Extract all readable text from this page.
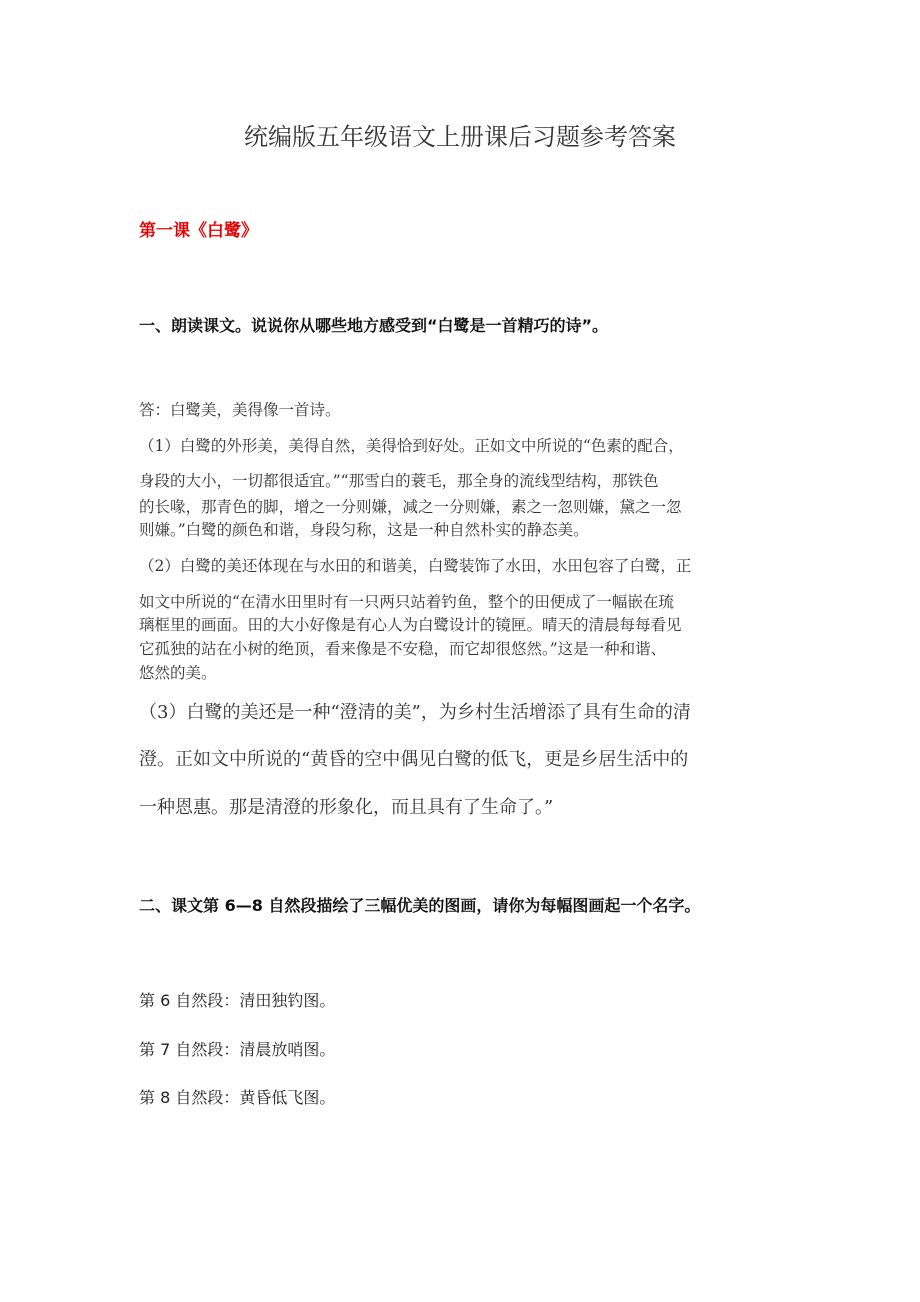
统编版五年级语文上册课后习题参考答案
第一课《白鹭》
一、朗读课文。说说你从哪些地方感受到“白鹭是一首精巧的诗”。
答：白鹭美，美得像一首诗。
（1）白鹭的外形美，美得自然，美得恰到好处。正如文中所说的“色素的配合，
身段的大小，一切都很适宜。”“那雪白的蓑毛，那全身的流线型结构，那铁色
的长喙，那青色的脚，增之一分则嫌，减之一分则嫌，素之一忽则嫌，黛之一忽
则嫌。”白鹭的颜色和谐，身段匀称，这是一种自然朴实的静态美。
（2）白鹭的美还体现在与水田的和谐美，白鹭装饰了水田，水田包容了白鹭，正
如文中所说的“在清水田里时有一只两只站着钓鱼，整个的田便成了一幅嵌在琉
璃框里的画面。田的大小好像是有心人为白鹭设计的镜匣。晴天的清晨每每看见
它孤独的站在小树的绝顶，看来像是不安稳，而它却很悠然。”这是一种和谐、
悠然的美。
（3）白鹭的美还是一种“澄清的美”，为乡村生活增添了具有生命的清
澄。正如文中所说的“黄昏的空中偶见白鹭的低飞，更是乡居生活中的
一种恩惠。那是清澄的形象化，而且具有了生命了。”
二、课文第 6—8 自然段描绘了三幅优美的图画，请你为每幅图画起一个名字。
第 6 自然段：清田独钓图。
第 7 自然段：清晨放哨图。
第 8 自然段：黄昏低飞图。
